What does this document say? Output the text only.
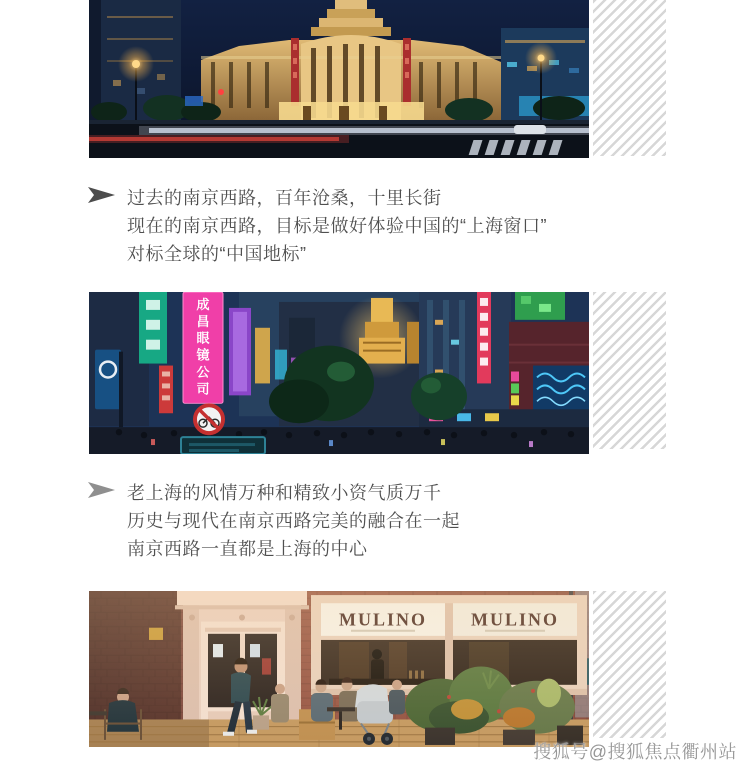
过去的南京西路，百年沧桑，十里长街
现在的南京西路，目标是做好体验中国的“上海窗口”
对标全球的“中国地标”
成
昌
眼
镜
公
司
老上海的风情万种和精致小资气质万千
历史与现代在南京西路完美的融合在一起
南京西路一直都是上海的中心
搜狐号@搜狐焦点衢州站
